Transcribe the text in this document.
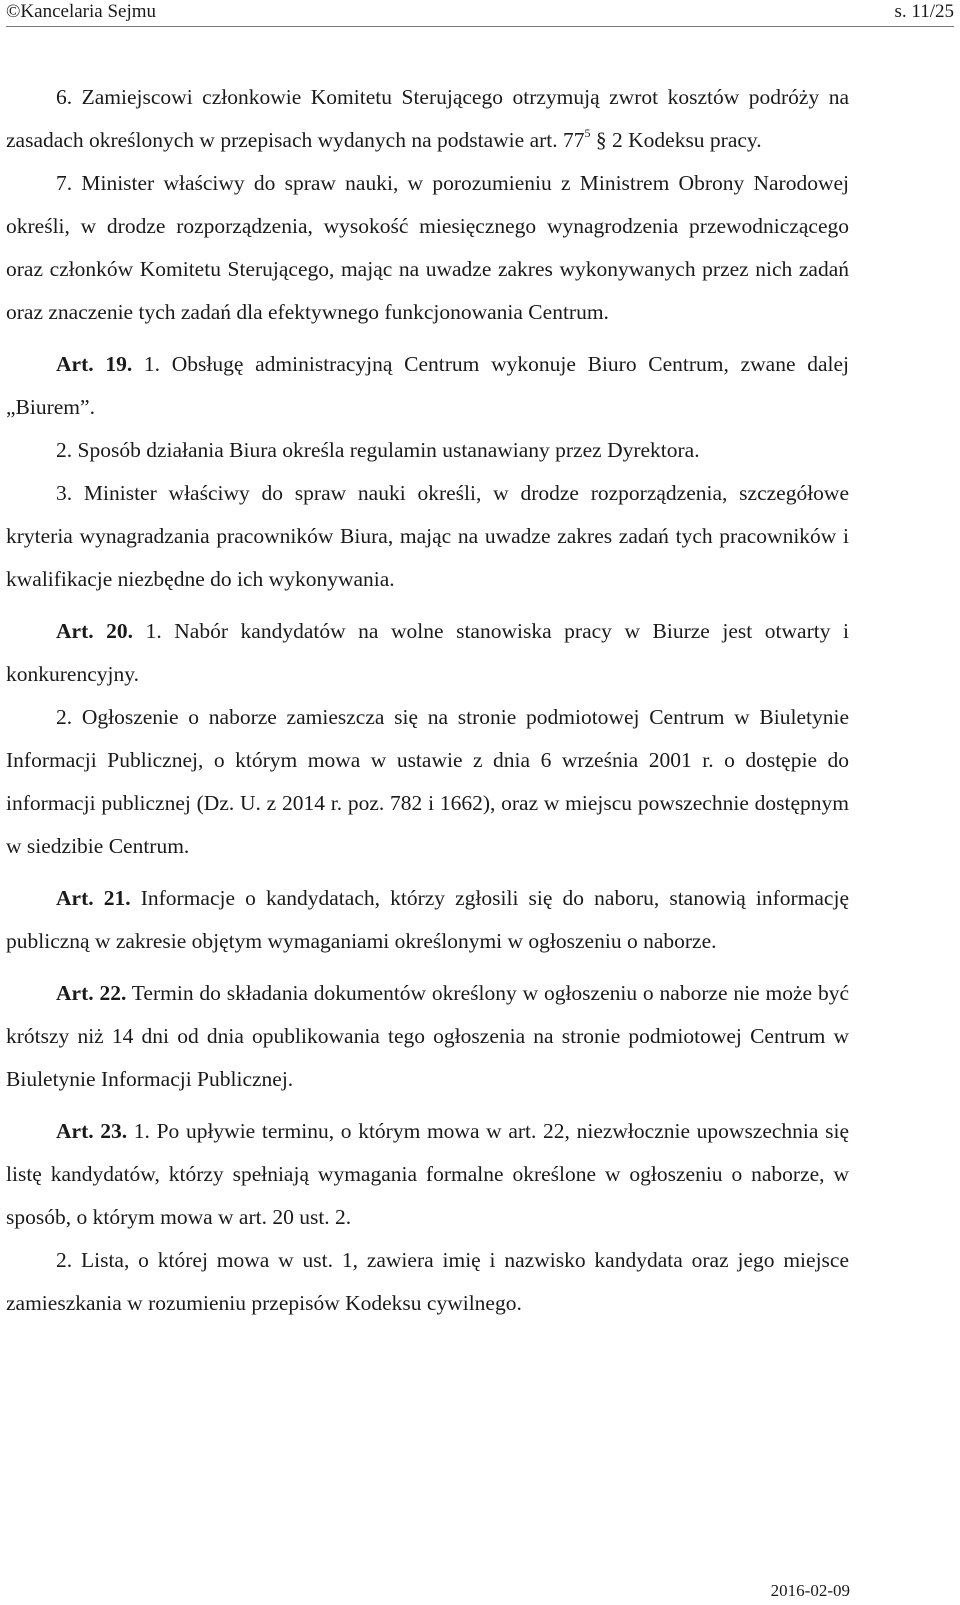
©Kancelaria Sejmu	s. 11/25

6. Zamiejscowi członkowie Komitetu Sterującego otrzymują zwrot kosztów podróży na zasadach określonych w przepisach wydanych na podstawie art. $77^5$ § 2 Kodeksu pracy.

7. Minister właściwy do spraw nauki, w porozumieniu z Ministrem Obrony Narodowej określi, w drodze rozporządzenia, wysokość miesięcznego wynagrodzenia przewodniczącego oraz członków Komitetu Sterującego, mając na uwadze zakres wykonywanych przez nich zadań oraz znaczenie tych zadań dla efektywnego funkcjonowania Centrum.

Art. 19. 1. Obsługę administracyjną Centrum wykonuje Biuro Centrum, zwane dalej „Biurem”.

2. Sposób działania Biura określa regulamin ustanawiany przez Dyrektora.

3. Minister właściwy do spraw nauki określi, w drodze rozporządzenia, szczegółowe kryteria wynagradzania pracowników Biura, mając na uwadze zakres zadań tych pracowników i kwalifikacje niezbędne do ich wykonywania.

Art. 20. 1. Nabór kandydatów na wolne stanowiska pracy w Biurze jest otwarty i konkurencyjny.

2. Ogłoszenie o naborze zamieszcza się na stronie podmiotowej Centrum w Biuletynie Informacji Publicznej, o którym mowa w ustawie z dnia 6 września 2001 r. o dostępie do informacji publicznej (Dz. U. z 2014 r. poz. 782 i 1662), oraz w miejscu powszechnie dostępnym w siedzibie Centrum.

Art. 21. Informacje o kandydatach, którzy zgłosili się do naboru, stanowią informację publiczną w zakresie objętym wymaganiami określonymi w ogłoszeniu o naborze.

Art. 22. Termin do składania dokumentów określony w ogłoszeniu o naborze nie może być krótszy niż 14 dni od dnia opublikowania tego ogłoszenia na stronie podmiotowej Centrum w Biuletynie Informacji Publicznej.

Art. 23. 1. Po upływie terminu, o którym mowa w art. 22, niezwłocznie upowszechnia się listę kandydatów, którzy spełniają wymagania formalne określone w ogłoszeniu o naborze, w sposób, o którym mowa w art. 20 ust. 2.

2. Lista, o której mowa w ust. 1, zawiera imię i nazwisko kandydata oraz jego miejsce zamieszkania w rozumieniu przepisów Kodeksu cywilnego.

2016-02-09
